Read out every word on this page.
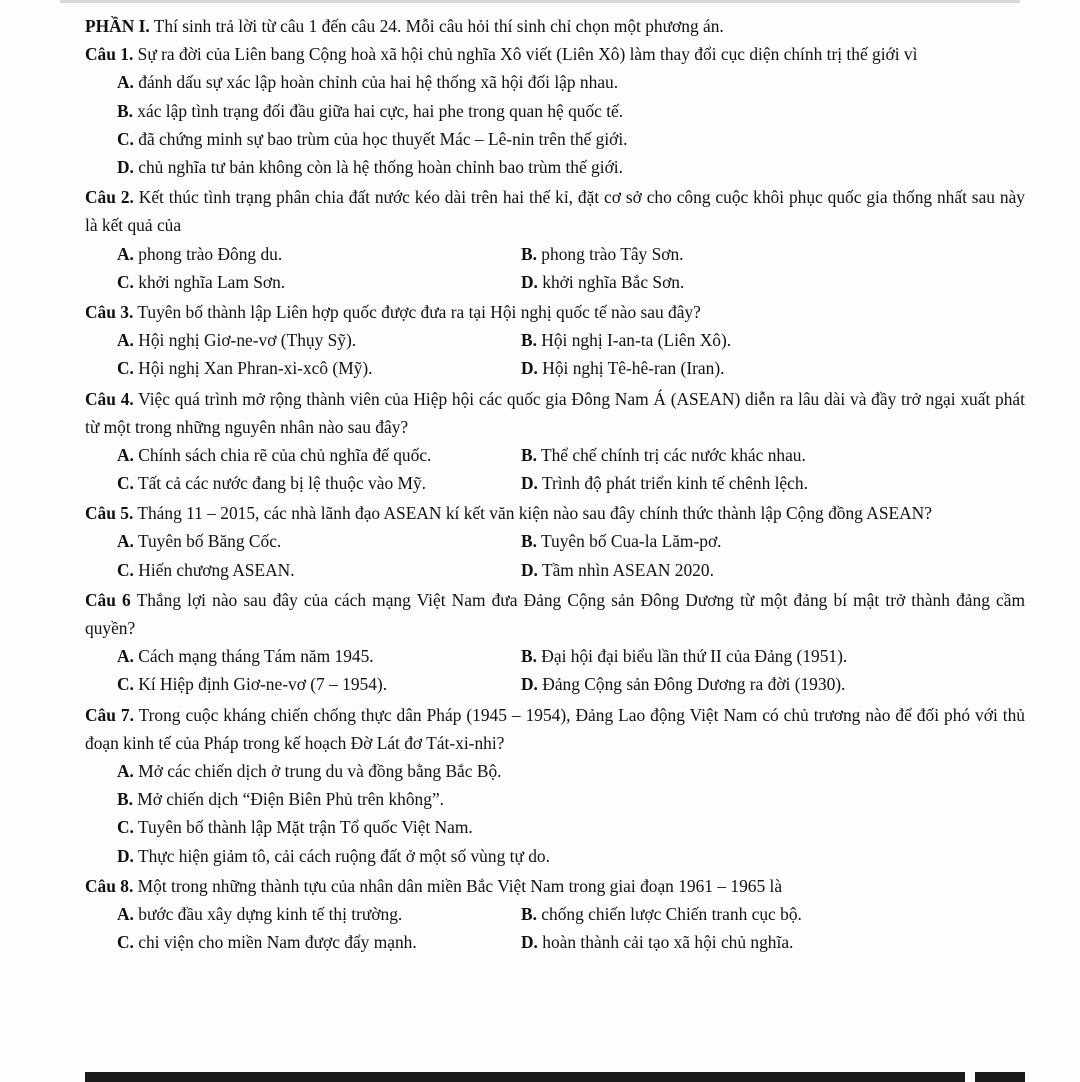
PHẦN I. Thí sinh trả lời từ câu 1 đến câu 24. Mỗi câu hỏi thí sinh chỉ chọn một phương án.
Câu 1. Sự ra đời của Liên bang Cộng hoà xã hội chủ nghĩa Xô viết (Liên Xô) làm thay đổi cục diện chính trị thế giới vì
A. đánh dấu sự xác lập hoàn chỉnh của hai hệ thống xã hội đối lập nhau.
B. xác lập tình trạng đối đầu giữa hai cực, hai phe trong quan hệ quốc tế.
C. đã chứng minh sự bao trùm của học thuyết Mác – Lê-nin trên thế giới.
D. chủ nghĩa tư bản không còn là hệ thống hoàn chỉnh bao trùm thế giới.
Câu 2. Kết thúc tình trạng phân chia đất nước kéo dài trên hai thế kỉ, đặt cơ sở cho công cuộc khôi phục quốc gia thống nhất sau này là kết quả của
A. phong trào Đông du.	B. phong trào Tây Sơn.
C. khởi nghĩa Lam Sơn.	D. khởi nghĩa Bắc Sơn.
Câu 3. Tuyên bố thành lập Liên hợp quốc được đưa ra tại Hội nghị quốc tế nào sau đây?
A. Hội nghị Giơ-ne-vơ (Thụy Sỹ).	B. Hội nghị I-an-ta (Liên Xô).
C. Hội nghị Xan Phran-xi-xcô (Mỹ).	D. Hội nghị Tê-hê-ran (Iran).
Câu 4. Việc quá trình mở rộng thành viên của Hiệp hội các quốc gia Đông Nam Á (ASEAN) diễn ra lâu dài và đầy trở ngại xuất phát từ một trong những nguyên nhân nào sau đây?
A. Chính sách chia rẽ của chủ nghĩa đế quốc.	B. Thể chế chính trị các nước khác nhau.
C. Tất cả các nước đang bị lệ thuộc vào Mỹ.	D. Trình độ phát triển kinh tế chênh lệch.
Câu 5. Tháng 11 – 2015, các nhà lãnh đạo ASEAN kí kết văn kiện nào sau đây chính thức thành lập Cộng đồng ASEAN?
A. Tuyên bố Băng Cốc.	B. Tuyên bố Cua-la Lăm-pơ.
C. Hiến chương ASEAN.	D. Tầm nhìn ASEAN 2020.
Câu 6 Thắng lợi nào sau đây của cách mạng Việt Nam đưa Đảng Cộng sản Đông Dương từ một đảng bí mật trở thành đảng cầm quyền?
A. Cách mạng tháng Tám năm 1945.	B. Đại hội đại biểu lần thứ II của Đảng (1951).
C. Kí Hiệp định Giơ-ne-vơ (7 – 1954).	D. Đảng Cộng sản Đông Dương ra đời (1930).
Câu 7. Trong cuộc kháng chiến chống thực dân Pháp (1945 – 1954), Đảng Lao động Việt Nam có chủ trương nào để đối phó với thủ đoạn kinh tế của Pháp trong kế hoạch Đờ Lát đơ Tát-xi-nhi?
A. Mở các chiến dịch ở trung du và đồng bằng Bắc Bộ.
B. Mở chiến dịch “Điện Biên Phủ trên không”.
C. Tuyên bố thành lập Mặt trận Tổ quốc Việt Nam.
D. Thực hiện giảm tô, cải cách ruộng đất ở một số vùng tự do.
Câu 8. Một trong những thành tựu của nhân dân miền Bắc Việt Nam trong giai đoạn 1961 – 1965 là
A. bước đầu xây dựng kinh tế thị trường.	B. chống chiến lược Chiến tranh cục bộ.
C. chi viện cho miền Nam được đẩy mạnh.	D. hoàn thành cải tạo xã hội chủ nghĩa.
